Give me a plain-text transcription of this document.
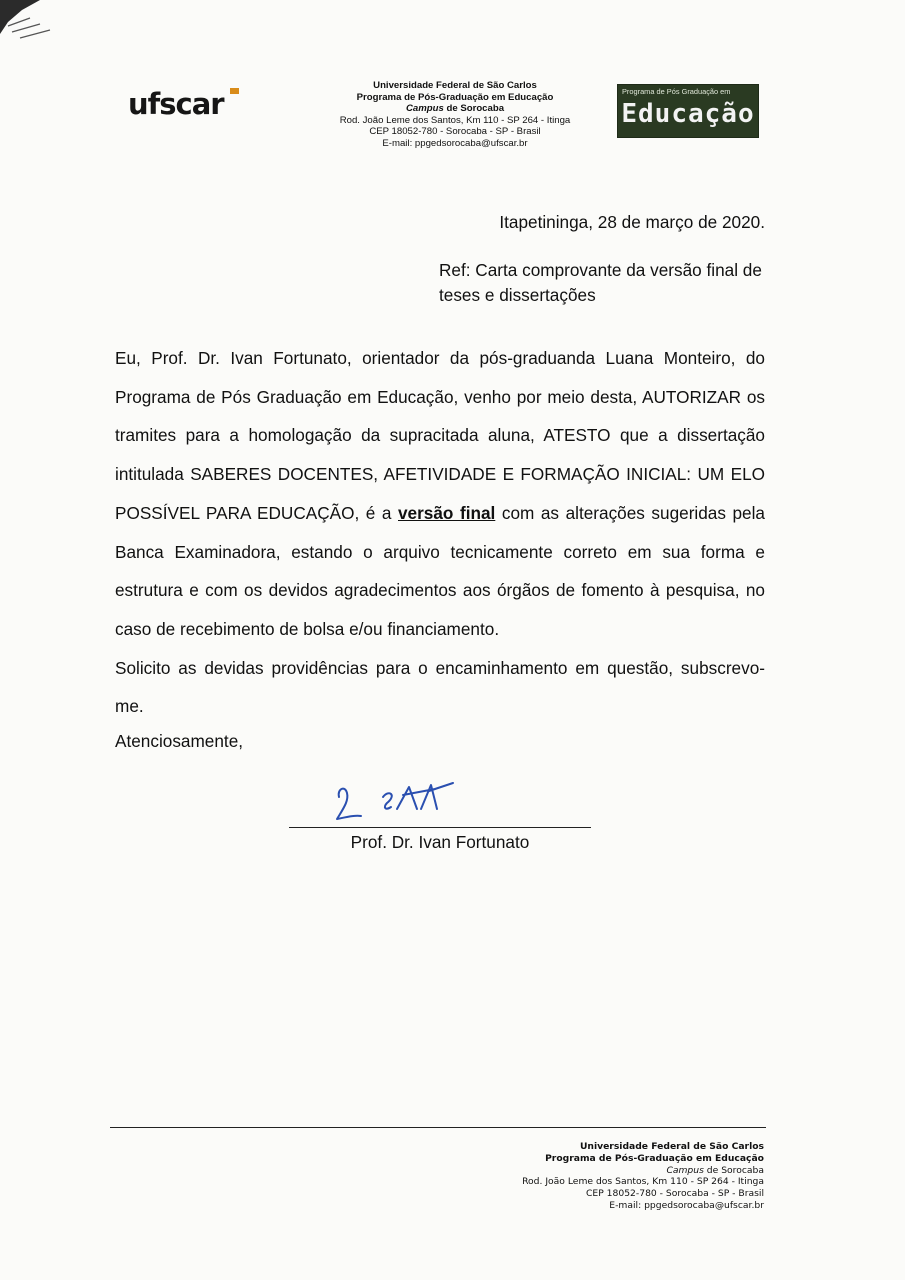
ufscar
Universidade Federal de São Carlos
Programa de Pós-Graduação em Educação
Campus de Sorocaba
Rod. João Leme dos Santos, Km 110 - SP 264 - Itinga
CEP 18052-780 - Sorocaba - SP - Brasil
E-mail: ppgedsorocaba@ufscar.br
Programa de Pós Graduação em
Educação
Itapetininga, 28 de março de 2020.
Ref: Carta comprovante da versão final de teses e dissertações

Eu, Prof. Dr. Ivan Fortunato, orientador da pós-graduanda Luana Monteiro, do Programa de Pós Graduação em Educação, venho por meio desta, AUTORIZAR os tramites para a homologação da supracitada aluna, ATESTO que a dissertação intitulada SABERES DOCENTES, AFETIVIDADE E FORMAÇÃO INICIAL: UM ELO POSSÍVEL PARA EDUCAÇÃO, é a versão final com as alterações sugeridas pela Banca Examinadora, estando o arquivo tecnicamente correto em sua forma e estrutura e com os devidos agradecimentos aos órgãos de fomento à pesquisa, no caso de recebimento de bolsa e/ou financiamento.

Solicito as devidas providências para o encaminhamento em questão, subscrevo-me.

Atenciosamente,
Prof. Dr. Ivan Fortunato
Universidade Federal de São Carlos
Programa de Pós-Graduação em Educação
Campus de Sorocaba
Rod. João Leme dos Santos, Km 110 - SP 264 - Itinga
CEP 18052-780 - Sorocaba - SP - Brasil
E-mail: ppgedsorocaba@ufscar.br
